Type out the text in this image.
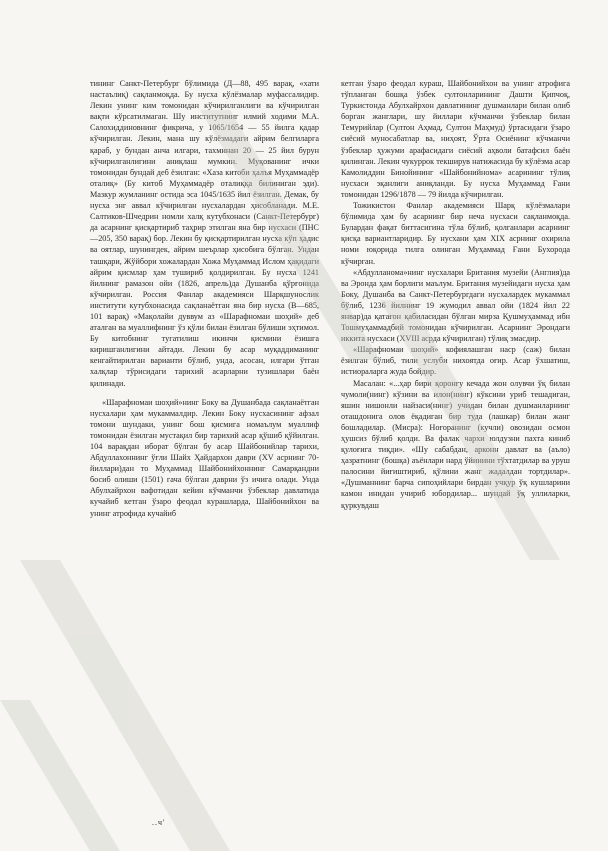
тининг Санкт-Петербург бўлимида (Д—88, 495 варақ, «хати настаълиқ) сақланмоқда. Бу нусха кўлёзмалар муфассалидир. Лекин унинг ким томонидан кўчирилганлиги ва кўчирилган вақти кўрсатилмаган. Шу институтнинг илмий ходими М.А. Салохиддиновнинг фикрича, у 1065/1654 — 55 йилга қадар кўчирилган. Лекин, мана шу кўлёзмадаги айрим белгиларга қараб, у бундан анча илгари, тахминан 20 — 25 йил бурун кўчирилганлигини аниқлаш мумкин. Муқованинг ички томонидан бундай деб ёзилган: «Хаза китоби ҳалъя Муҳаммадёр оталиқ» (Бу китоб Муҳаммадёр оталиққа билиниган эди). Мазкур жумланинг остида эса 1045/1635 йил ёзилган. Демак, бу нусха энг аввал кўчирилган нусхалардан ҳисобланади. М.Е. Салтиков-Шчедрин номли халқ кутубхонаси (Санкт-Петербург) да асарнинг қисқартириб таҳрир этилган яна бир нусхаси (ПНС—205, 350 варақ) бор. Лекин бу қисқартирилган нусха кўп ҳадис ва оятлар, шунингдек, айрим шеърлар ҳисобига бўлган. Ундан ташқари, Жўйбори хожалардан Хожа Муҳаммад Ислом ҳақидаги айрим қисмлар ҳам тушириб қолдирилган. Бу нусха 1241 йилнинг рамазон ойи (1826, апрель)да Душанба қўрғонида кўчирилган. Россия Фанлар академияси Шарқшунослик институти кутубхонасида сақланаётган яна бир нусха (В—685, 101 варақ) «Мақолайи дуввум аз «Шарафномаи шоҳий» деб аталган ва муаллифнинг ўз қўли билан ёзилган бўлиши эҳтимол. Бу китобнинг тугатилиш икинчи қисмини ёзишга киришганлигини айтади. Лекин бу асар муқаддиманинг кенгайтирилган варианти бўлиб, унда, асосан, илгари ўтган халқлар тўрисидаги тарихий асарларни тузишлари баён қилинади.

«Шарафномаи шоҳий»нинг Боку ва Душанбада сақланаётган нусхалари ҳам мукаммалдир. Лекин Боку нусхасининг афзал томони шундаки, унинг бош қисмига номаълум муаллиф томонидан ёзилган мустақил бир тарихий асар қўшиб қўйилган. 104 варақдан иборат бўлган бу асар Шайбонийлар тарихи, Абдуллахоннинг ўғли Шайх Ҳайдархон даври (XV асрнинг 70-йиллари)дан то Муҳаммад Шайбонийхоннинг Самарқандни босиб олиши (1501) гача бўлган даврни ўз ичига олади. Унда Абулхайрхон вафотидан кейин кўчманчи ўзбеклар давлатида кучайиб кетган ўзаро феодал курашларда, Шайбонийхон ва унинг атрофида кучайиб

кетган ўзаро феодал кураш, Шайбонийхон ва унинг атрофига тўпланган бошқа ўзбек султонларининг Дашти Қипчоқ, Туркистонда Абулхайрхон давлатининг душманлари билан олиб борган жанглари, шу йиллари кўчманчи ўзбеклар билан Темурийлар (Султон Аҳмад, Султон Маҳмуд) ўртасидаги ўзаро сиёсий муносабатлар ва, ниҳоят, Ўрта Осиёнинг кўчманчи ўзбеклар ҳужуми арафасидаги сиёсий аҳволи батафсил баён қилинган. Лекин чукуррок текширув натижасида бу кўлёзма асар Камолиддин Бинойининг «Шайбонийнома» асарининг тўлиқ нусхаси эқанлиги аниқланди. Бу нусха Муҳаммад Ғани томонидан 1296/1878 — 79 йилда кўчирилган.

Тожикистон Фанлар академияси Шарқ кўлёзмалари бўлимида ҳам бу асарнинг бир неча нусхаси сақланмоқда. Булардан фақат биттасигина тўла бўлиб, қолганлари асарнинг қисқа вариантларидир. Бу нусхани ҳам XIX асрнинг охирила номи юқорида тилга олинган Муҳаммад Ғани Бухорода кўчирган.

«Абдулланома»нинг нусхалари Британия музейи (Англия)да ва Эронда ҳам борлиги маълум. Британия музейидаги нусха ҳам Боку, Душанба ва Санкт-Петербургдаги нусхалардек мукаммал бўлиб, 1236 йилнинг 19 жумодил аввал ойи (1824 йил 22 январ)да қатағон қабиласидан бўлган мирза Қушмуҳаммад ибн Тошмуҳаммадбий томонидан кўчирилган. Асарнинг Эрондаги иккита нусхаси (XVIII асрда кўчирилган) тўлиқ эмасдир.

«Шарафномаи шоҳий» кофиялашган наср (саж) билан ёзилган бўлиб, тили услуби нихоятда оғир. Асар ўхшатиш, истиораларга жуда бойдир.

Масалан: «...ҳар бири қоронғу кечада жон олувчи ўқ билан чумоли(нинг) кўзини ва илон(нинг) кўксини уриб тешадиган, яшин нишонли найзаси(нинг) учидан билан душманларнинг оташдонига олов ёқадиган бир туда (лашкар) билан жанг бошладилар. (Мисра): Ноғоранинг (кучли) овозидан осмон ҳушсиз бўлиб қолди. Ва фалак чархи юлдузни пахта киниб қулоғига тиқди». «Шу сабабдан, арконн давлат ва (аъло) ҳазратнинг (бошқа) аъёнлари нард ўйинини тўхтатдилар ва уруш палосини йиғиштириб, қўлини жанг жадалдан тортдилар». «Душманнинг барча сипоҳийлари бирдан учқур ўқ кушларини камон инидан учириб юбордилар... шундай ўқ уллиларки, қуркувдаш

..ч'
